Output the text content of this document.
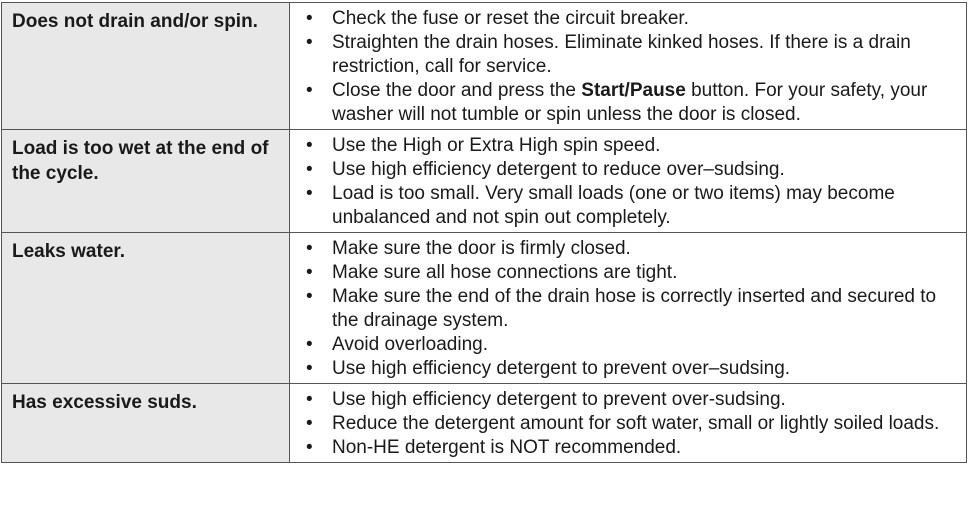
Does not drain and/or spin.	•	Check the fuse or reset the circuit breaker.
•	Straighten the drain hoses. Eliminate kinked hoses. If there is a drain restriction, call for service.
•	Close the door and press the Start/Pause button. For your safety, your washer will not tumble or spin unless the door is closed.
Load is too wet at the end of the cycle.
•	Use the High or Extra High spin speed.
•	Use high efficiency detergent to reduce over–sudsing.
•	Load is too small. Very small loads (one or two items) may become unbalanced and not spin out completely.
Leaks water.	•	Make sure the door is firmly closed.
•	Make sure all hose connections are tight.
•	Make sure the end of the drain hose is correctly inserted and secured to the drainage system.
•	Avoid overloading.
•	Use high efficiency detergent to prevent over–sudsing.
Has excessive suds.	•	Use high efficiency detergent to prevent over-sudsing.
•	Reduce the detergent amount for soft water, small or lightly soiled loads.
•	Non-HE detergent is NOT recommended.
